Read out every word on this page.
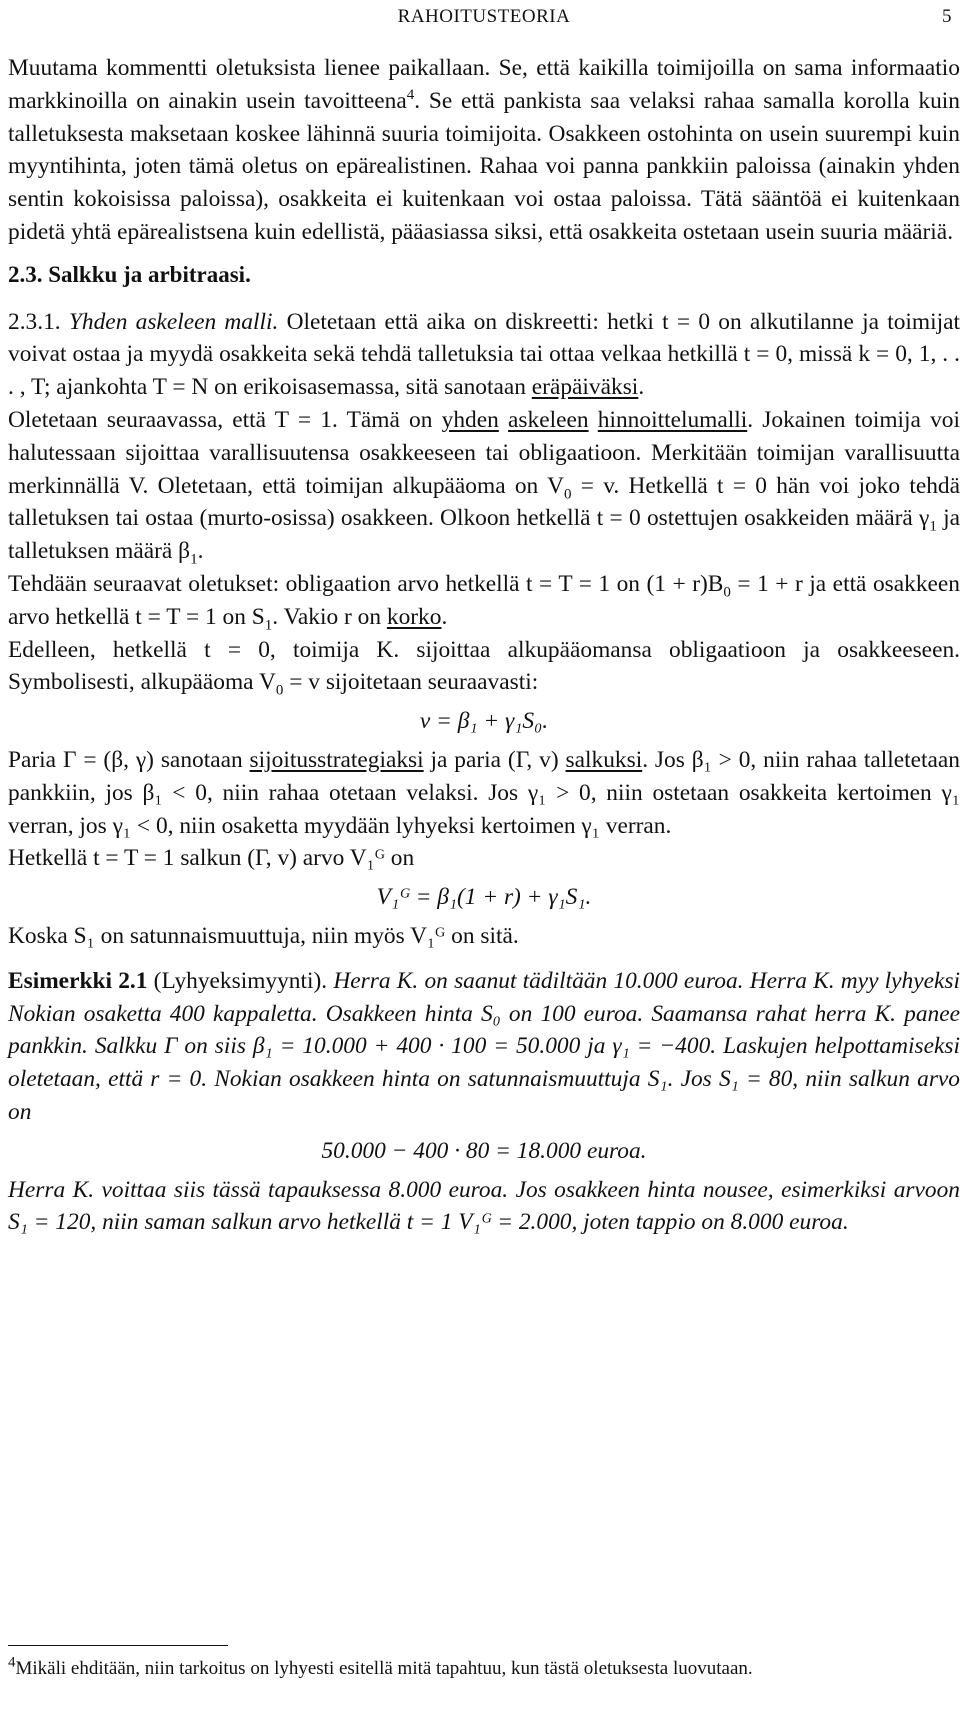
RAHOITUSTEORIA	5

Muutama kommentti oletuksista lienee paikallaan. Se, että kaikilla toimijoilla on sama informaatio markkinoilla on ainakin usein tavoitteena$^4$. Se että pankista saa velaksi rahaa samalla korolla kuin talletuksesta maksetaan koskee lähinnä suuria toimijoita. Osakkeen ostohinta on usein suurempi kuin myyntihinta, joten tämä oletus on epärealistinen. Rahaa voi panna pankkiin paloissa (ainakin yhden sentin kokoisissa paloissa), osakkeita ei kuitenkaan voi ostaa paloissa. Tätä sääntöä ei kuitenkaan pidetä yhtä epärealistsena kuin edellistä, pääasiassa siksi, että osakkeita ostetaan usein suuria määriä.

2.3. Salkku ja arbitraasi.

2.3.1. Yhden askeleen malli. Oletetaan että aika on diskreetti: hetki t = 0 on alkutilanne ja toimijat voivat ostaa ja myydä osakkeita sekä tehdä talletuksia tai ottaa velkaa hetkillä t = 0, missä k = 0, 1, . . . , T; ajankohta T = N on erikoisasemassa, sitä sanotaan eräpäiväksi.

Oletetaan seuraavassa, että T = 1. Tämä on yhden askeleen hinnoittelumalli. Jokainen toimija voi halutessaan sijoittaa varallisuutensa osakkeeseen tai obligaatioon. Merkitään toimijan varallisuutta merkinnällä V. Oletetaan, että toimijan alkupääoma on $V_0 = v$. Hetkellä t = 0 hän voi joko tehdä talletuksen tai ostaa (murto-osissa) osakkeen. Olkoon hetkellä t = 0 ostettujen osakkeiden määrä $\gamma_1$ ja talletuksen määrä $\beta_1$.

Tehdään seuraavat oletukset: obligaation arvo hetkellä t = T = 1 on $(1 + r)B_0 = 1 + r$ ja että osakkeen arvo hetkellä t = T = 1 on $S_1$. Vakio r on korko.

Edelleen, hetkellä t = 0, toimija K. sijoittaa alkupääomansa obligaatioon ja osakkeeseen. Symbolisesti, alkupääoma $V_0 = v$ sijoitetaan seuraavasti:

v = β₁ + γ₁S₀.

Paria Γ = (β, γ) sanotaan sijoitusstrategiaksi ja paria (Γ, v) salkuksi. Jos β₁ > 0, niin rahaa talletetaan pankkiin, jos β₁ < 0, niin rahaa otetaan velaksi. Jos γ₁ > 0, niin ostetaan osakkeita kertoimen γ₁ verran, jos γ₁ < 0, niin osaketta myydään lyhyeksi kertoimen γ₁ verran.

Hetkellä t = T = 1 salkun (Γ, v) arvo V₁ᴳ on

V₁ᴳ = β₁(1 + r) + γ₁S₁.

Koska S₁ on satunnaismuuttuja, niin myös V₁ᴳ on sitä.

Esimerkki 2.1 (Lyhyeksimyynti). Herra K. on saanut tädiltään 10.000 euroa. Herra K. myy lyhyeksi Nokian osaketta 400 kappaletta. Osakkeen hinta S₀ on 100 euroa. Saamansa rahat herra K. panee pankkin. Salkku Γ on siis β₁ = 10.000 + 400 · 100 = 50.000 ja γ₁ = −400. Laskujen helpottamiseksi oletetaan, että r = 0. Nokian osakkeen hinta on satunnaismuuttuja S₁. Jos S₁ = 80, niin salkun arvo on

50.000 − 400 · 80 = 18.000 euroa.

Herra K. voittaa siis tässä tapauksessa 8.000 euroa. Jos osakkeen hinta nousee, esimerkiksi arvoon S₁ = 120, niin saman salkun arvo hetkellä t = 1 V₁ᴳ = 2.000, joten tappio on 8.000 euroa.

$^4$Mikäli ehditään, niin tarkoitus on lyhyesti esitellä mitä tapahtuu, kun tästä oletuksesta luovutaan.
